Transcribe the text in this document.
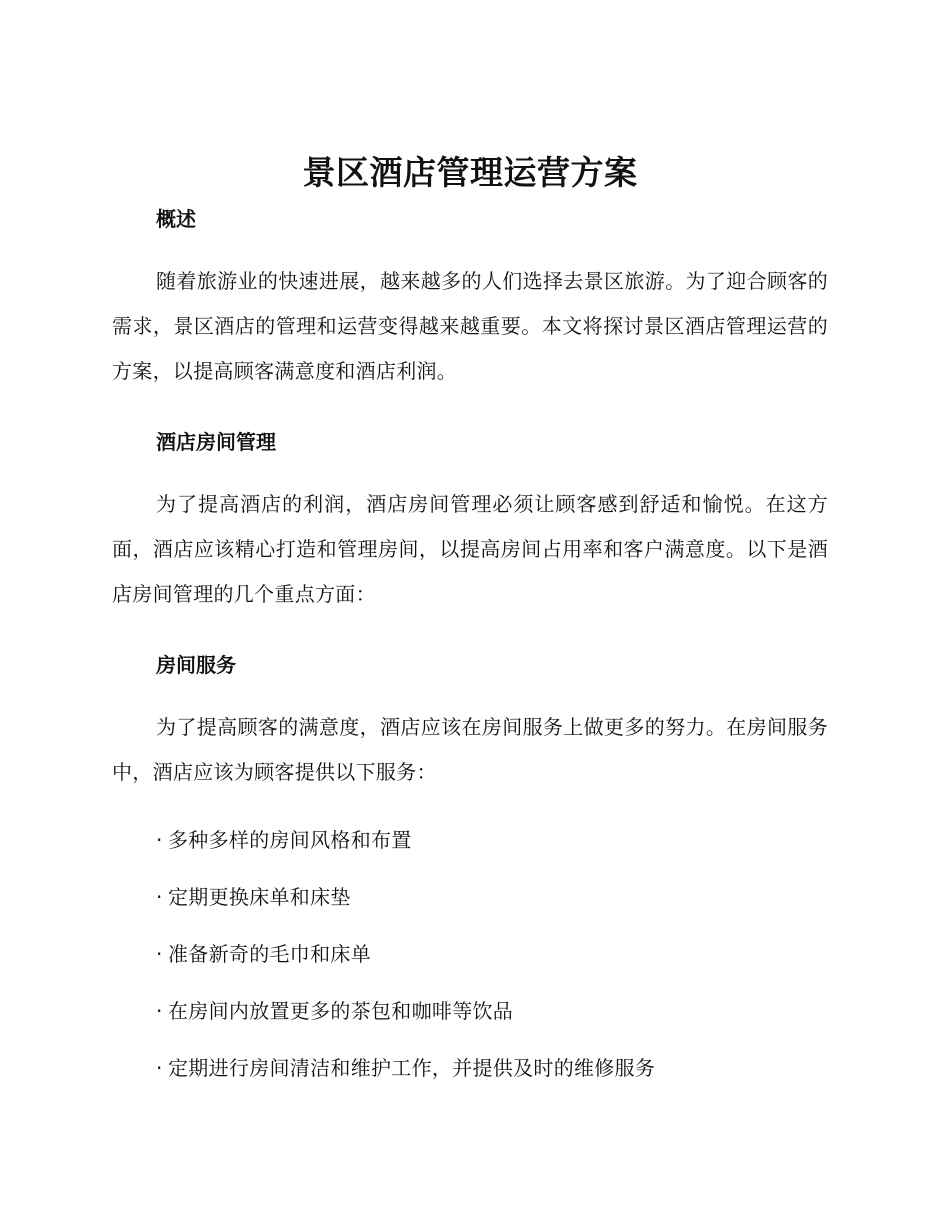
景区酒店管理运营方案

概述

随着旅游业的快速进展，越来越多的人们选择去景区旅游。为了迎合顾客的需求，景区酒店的管理和运营变得越来越重要。本文将探讨景区酒店管理运营的方案，以提高顾客满意度和酒店利润。

酒店房间管理

为了提高酒店的利润，酒店房间管理必须让顾客感到舒适和愉悦。在这方面，酒店应该精心打造和管理房间，以提高房间占用率和客户满意度。以下是酒店房间管理的几个重点方面：

房间服务

为了提高顾客的满意度，酒店应该在房间服务上做更多的努力。在房间服务中，酒店应该为顾客提供以下服务：

· 多种多样的房间风格和布置

· 定期更换床单和床垫

· 准备新奇的毛巾和床单

· 在房间内放置更多的茶包和咖啡等饮品

· 定期进行房间清洁和维护工作，并提供及时的维修服务
